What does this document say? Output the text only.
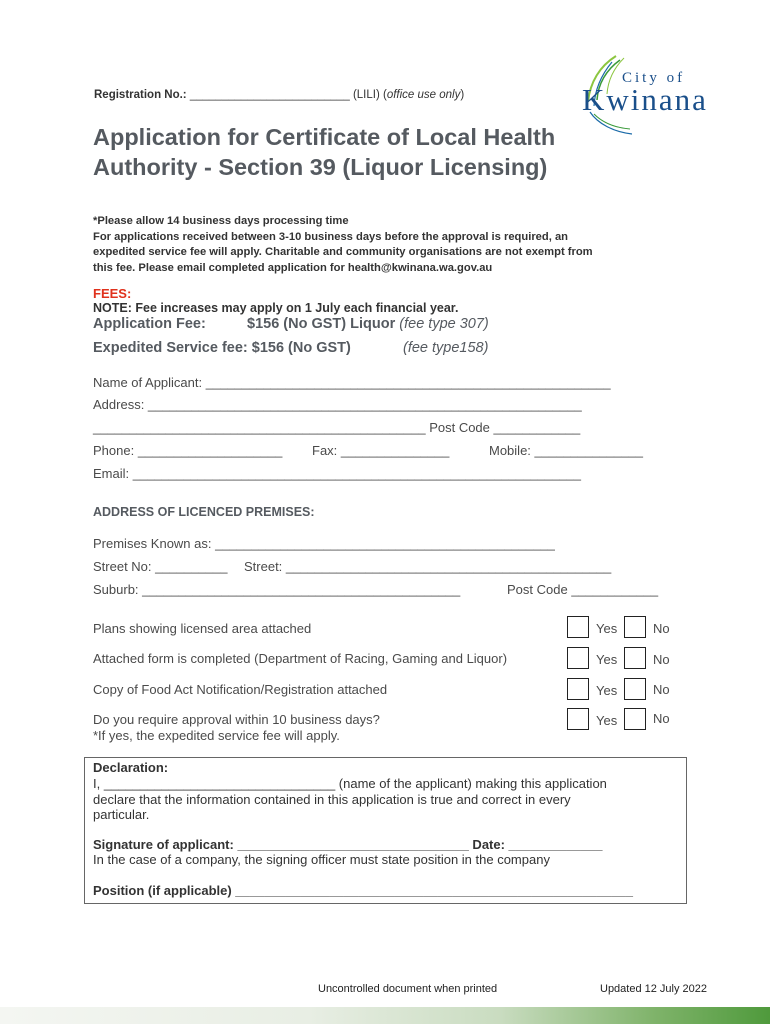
Registration No.: _________________________ (LILI) (office use only)
City of
Kwinana
Application for Certificate of Local Health
Authority - Section 39 (Liquor Licensing)
*Please allow 14 business days processing time
For applications received between 3-10 business days before the approval is required, an
expedited service fee will apply. Charitable and community organisations are not exempt from
this fee. Please email completed application for health@kwinana.wa.gov.au
FEES:
NOTE: Fee increases may apply on 1 July each financial year.
Application Fee:	$156 (No GST) Liquor (fee type 307)
Expedited Service fee: $156 (No GST)	(fee type158)
Name of Applicant: ________________________________________________________
Address: ____________________________________________________________
______________________________________________ Post Code ____________
Phone: ____________________ Fax: _______________	Mobile: _______________
Email: ______________________________________________________________
ADDRESS OF LICENCED PREMISES:
Premises Known as: _______________________________________________
Street No: __________ Street: _____________________________________________
Suburb: ____________________________________________	Post Code ____________
Plans showing licensed area attached	Yes	No
Attached form is completed (Department of Racing, Gaming and Liquor)	Yes	No
Copy of Food Act Notification/Registration attached	Yes	No
Do you require approval within 10 business days?
*If yes, the expedited service fee will apply.
Yes	No
Declaration:
I, ________________________________ (name of the applicant) making this application
declare that the information contained in this application is true and correct in every
particular.
Signature of applicant: ________________________________ Date: _____________
In the case of a company, the signing officer must state position in the company
Position (if applicable) _______________________________________________________
Uncontrolled document when printed	Updated 12 July 2022
